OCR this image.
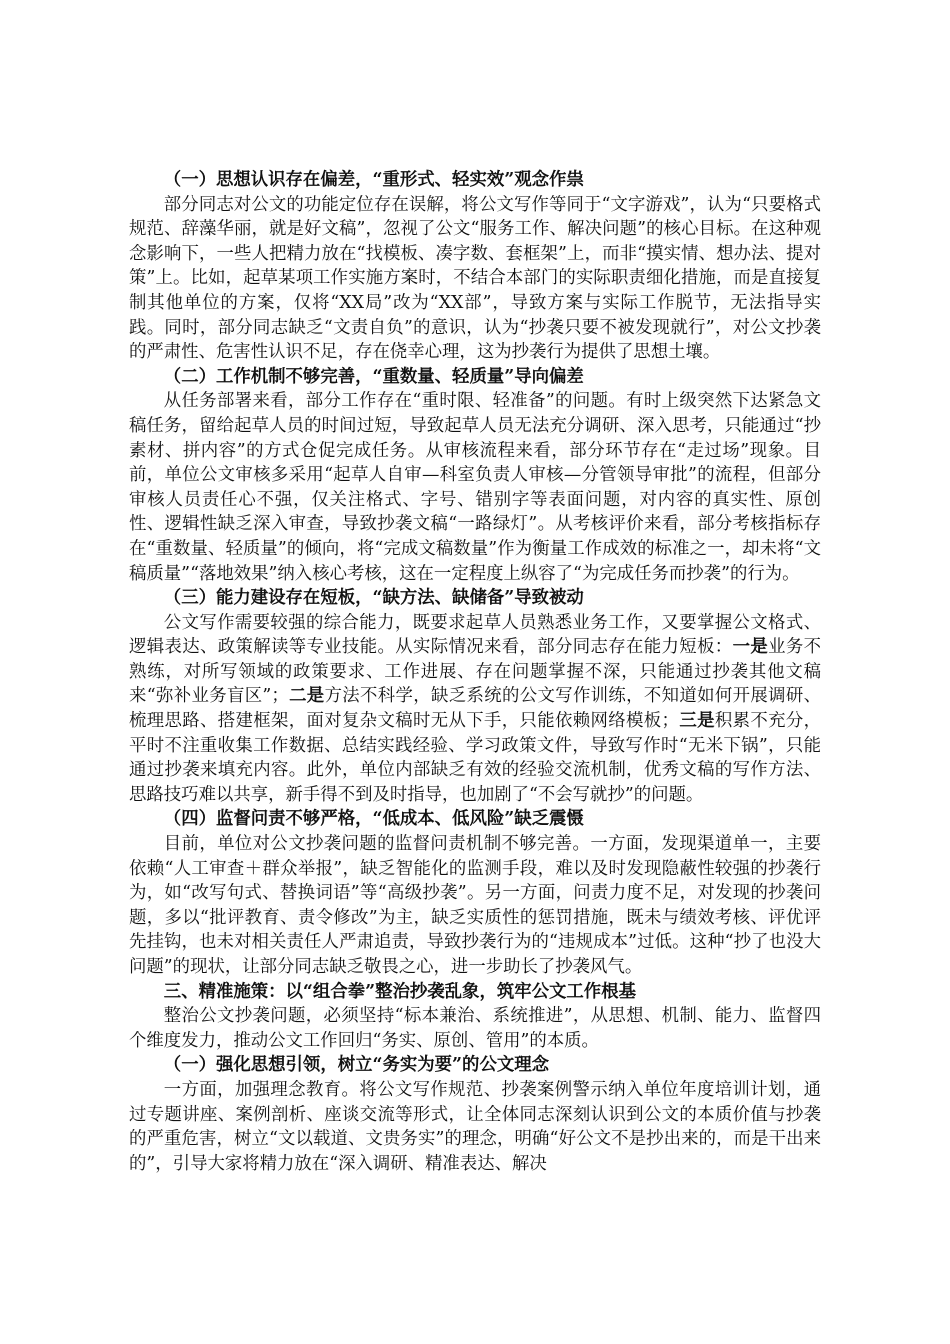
（一）思想认识存在偏差，“重形式、轻实效”观念作祟

部分同志对公文的功能定位存在误解，将公文写作等同于“文字游戏”，认为“只要格式规范、辞藻华丽，就是好文稿”，忽视了公文“服务工作、解决问题”的核心目标。在这种观念影响下，一些人把精力放在“找模板、凑字数、套框架”上，而非“摸实情、想办法、提对策”上。比如，起草某项工作实施方案时，不结合本部门的实际职责细化措施，而是直接复制其他单位的方案，仅将“XX局”改为“XX部”，导致方案与实际工作脱节，无法指导实践。同时，部分同志缺乏“文责自负”的意识，认为“抄袭只要不被发现就行”，对公文抄袭的严肃性、危害性认识不足，存在侥幸心理，这为抄袭行为提供了思想土壤。

（二）工作机制不够完善，“重数量、轻质量”导向偏差

从任务部署来看，部分工作存在“重时限、轻准备”的问题。有时上级突然下达紧急文稿任务，留给起草人员的时间过短，导致起草人员无法充分调研、深入思考，只能通过“抄素材、拼内容”的方式仓促完成任务。从审核流程来看，部分环节存在“走过场”现象。目前，单位公文审核多采用“起草人自审—科室负责人审核—分管领导审批”的流程，但部分审核人员责任心不强，仅关注格式、字号、错别字等表面问题，对内容的真实性、原创性、逻辑性缺乏深入审查，导致抄袭文稿“一路绿灯”。从考核评价来看，部分考核指标存在“重数量、轻质量”的倾向，将“完成文稿数量”作为衡量工作成效的标准之一，却未将“文稿质量”“落地效果”纳入核心考核，这在一定程度上纵容了“为完成任务而抄袭”的行为。

（三）能力建设存在短板，“缺方法、缺储备”导致被动

公文写作需要较强的综合能力，既要求起草人员熟悉业务工作，又要掌握公文格式、逻辑表达、政策解读等专业技能。从实际情况来看，部分同志存在能力短板：一是业务不熟练，对所写领域的政策要求、工作进展、存在问题掌握不深，只能通过抄袭其他文稿来“弥补业务盲区”；二是方法不科学，缺乏系统的公文写作训练，不知道如何开展调研、梳理思路、搭建框架，面对复杂文稿时无从下手，只能依赖网络模板；三是积累不充分，平时不注重收集工作数据、总结实践经验、学习政策文件，导致写作时“无米下锅”，只能通过抄袭来填充内容。此外，单位内部缺乏有效的经验交流机制，优秀文稿的写作方法、思路技巧难以共享，新手得不到及时指导，也加剧了“不会写就抄”的问题。

（四）监督问责不够严格，“低成本、低风险”缺乏震慑

目前，单位对公文抄袭问题的监督问责机制不够完善。一方面，发现渠道单一，主要依赖“人工审查＋群众举报”，缺乏智能化的监测手段，难以及时发现隐蔽性较强的抄袭行为，如“改写句式、替换词语”等“高级抄袭”。另一方面，问责力度不足，对发现的抄袭问题，多以“批评教育、责令修改”为主，缺乏实质性的惩罚措施，既未与绩效考核、评优评先挂钩，也未对相关责任人严肃追责，导致抄袭行为的“违规成本”过低。这种“抄了也没大问题”的现状，让部分同志缺乏敬畏之心，进一步助长了抄袭风气。

三、精准施策：以“组合拳”整治抄袭乱象，筑牢公文工作根基

整治公文抄袭问题，必须坚持“标本兼治、系统推进”，从思想、机制、能力、监督四个维度发力，推动公文工作回归“务实、原创、管用”的本质。

（一）强化思想引领，树立“务实为要”的公文理念

一方面，加强理念教育。将公文写作规范、抄袭案例警示纳入单位年度培训计划，通过专题讲座、案例剖析、座谈交流等形式，让全体同志深刻认识到公文的本质价值与抄袭的严重危害，树立“文以载道、文贵务实”的理念，明确“好公文不是抄出来的，而是干出来的”，引导大家将精力放在“深入调研、精准表达、解决
